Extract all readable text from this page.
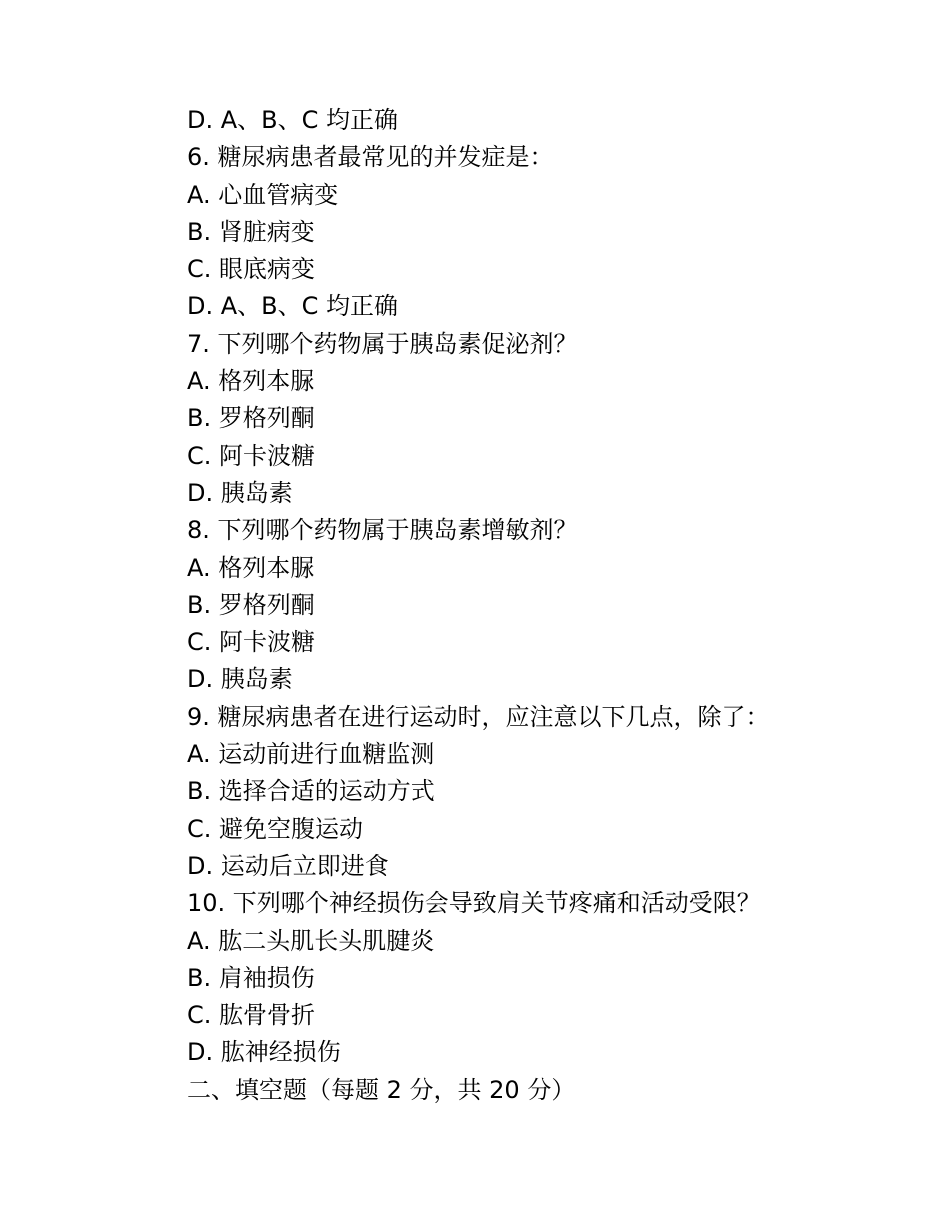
D. A、B、C 均正确
6. 糖尿病患者最常见的并发症是：
A. 心血管病变
B. 肾脏病变
C. 眼底病变
D. A、B、C 均正确
7. 下列哪个药物属于胰岛素促泌剂？
A. 格列本脲
B. 罗格列酮
C. 阿卡波糖
D. 胰岛素
8. 下列哪个药物属于胰岛素增敏剂？
A. 格列本脲
B. 罗格列酮
C. 阿卡波糖
D. 胰岛素
9. 糖尿病患者在进行运动时，应注意以下几点，除了：
A. 运动前进行血糖监测
B. 选择合适的运动方式
C. 避免空腹运动
D. 运动后立即进食
10. 下列哪个神经损伤会导致肩关节疼痛和活动受限？
A. 肱二头肌长头肌腱炎
B. 肩袖损伤
C. 肱骨骨折
D. 肱神经损伤
二、填空题（每题 2 分，共 20 分）
